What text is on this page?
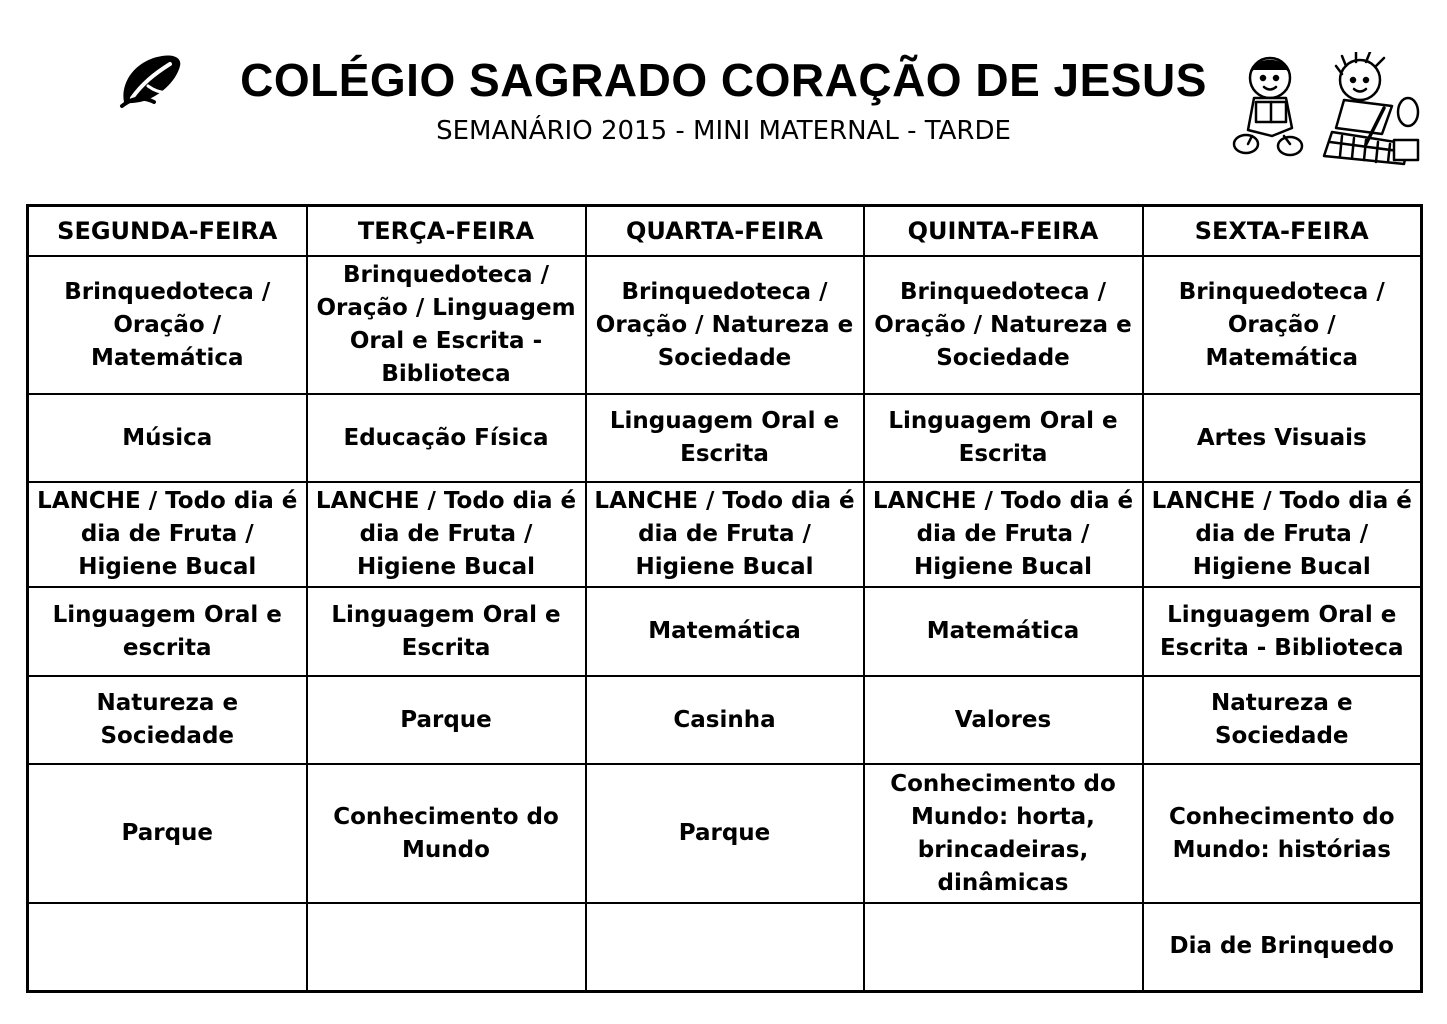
COLÉGIO SAGRADO CORAÇÃO DE JESUS
SEMANÁRIO 2015 - MINI MATERNAL - TARDE
SEGUNDA-FEIRA	TERÇA-FEIRA	QUARTA-FEIRA	QUINTA-FEIRA	SEXTA-FEIRA
Brinquedoteca / Oração / Matemática	Brinquedoteca / Oração / Linguagem Oral e Escrita - Biblioteca	Brinquedoteca / Oração / Natureza e Sociedade	Brinquedoteca / Oração / Natureza e Sociedade	Brinquedoteca / Oração / Matemática
Música	Educação Física	Linguagem Oral e Escrita	Linguagem Oral e Escrita	Artes Visuais
LANCHE / Todo dia é dia de Fruta / Higiene Bucal	LANCHE / Todo dia é dia de Fruta / Higiene Bucal	LANCHE / Todo dia é dia de Fruta / Higiene Bucal	LANCHE / Todo dia é dia de Fruta / Higiene Bucal	LANCHE / Todo dia é dia de Fruta / Higiene Bucal
Linguagem Oral e escrita	Linguagem Oral e Escrita	Matemática	Matemática	Linguagem Oral e Escrita - Biblioteca
Natureza e Sociedade	Parque	Casinha	Valores	Natureza e Sociedade
Parque	Conhecimento do Mundo	Parque	Conhecimento do Mundo: horta, brincadeiras, dinâmicas	Conhecimento do Mundo: histórias
				Dia de Brinquedo
